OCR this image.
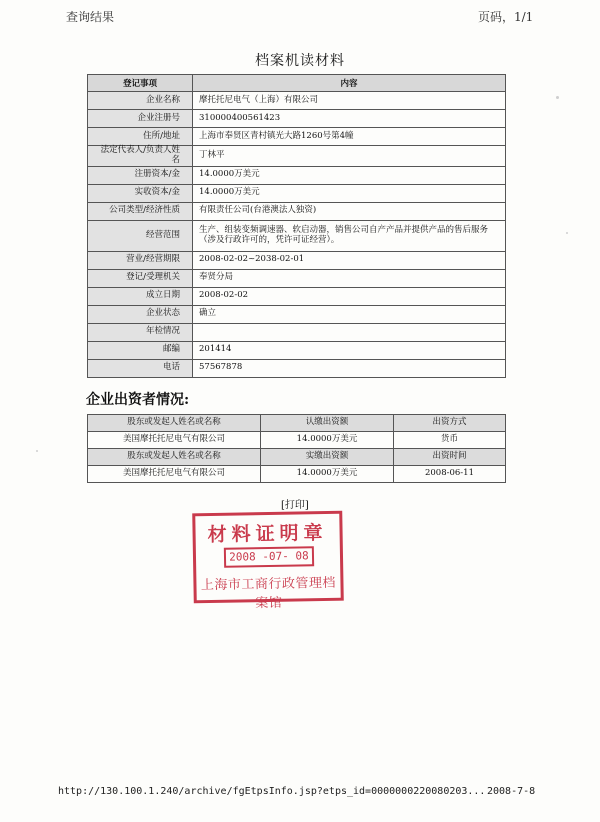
查询结果	页码，1/1
档案机读材料
登记事项	内容
企业名称	摩托托尼电气（上海）有限公司
企业注册号	310000400561423
住所/地址	上海市奉贤区青村镇光大路1260号第4幢
法定代表人/负责人姓名	丁林平
注册资本/金	14.0000万美元
实收资本/金	14.0000万美元
公司类型/经济性质	有限责任公司(台港澳法人独资)
经营范围	生产、组装变频调速器、软启动器，销售公司自产产品并提供产品的售后服务（涉及行政许可的，凭许可证经营）。
营业/经营期限	2008-02-02~2038-02-01
登记/受理机关	奉贤分局
成立日期	2008-02-02
企业状态	确立
年检情况	
邮编	201414
电话	57567878
企业出资者情况:
股东或发起人姓名或名称	认缴出资额	出资方式
美国摩托托尼电气有限公司	14.0000万美元	货币
股东或发起人姓名或名称	实缴出资额	出资时间
美国摩托托尼电气有限公司	14.0000万美元	2008-06-11
[打印]
材料证明章
2008 -07- 08
上海市工商行政管理档案馆
http://130.100.1.240/archive/fgEtpsInfo.jsp?etps_id=0000000220080203... 2008-7-8
